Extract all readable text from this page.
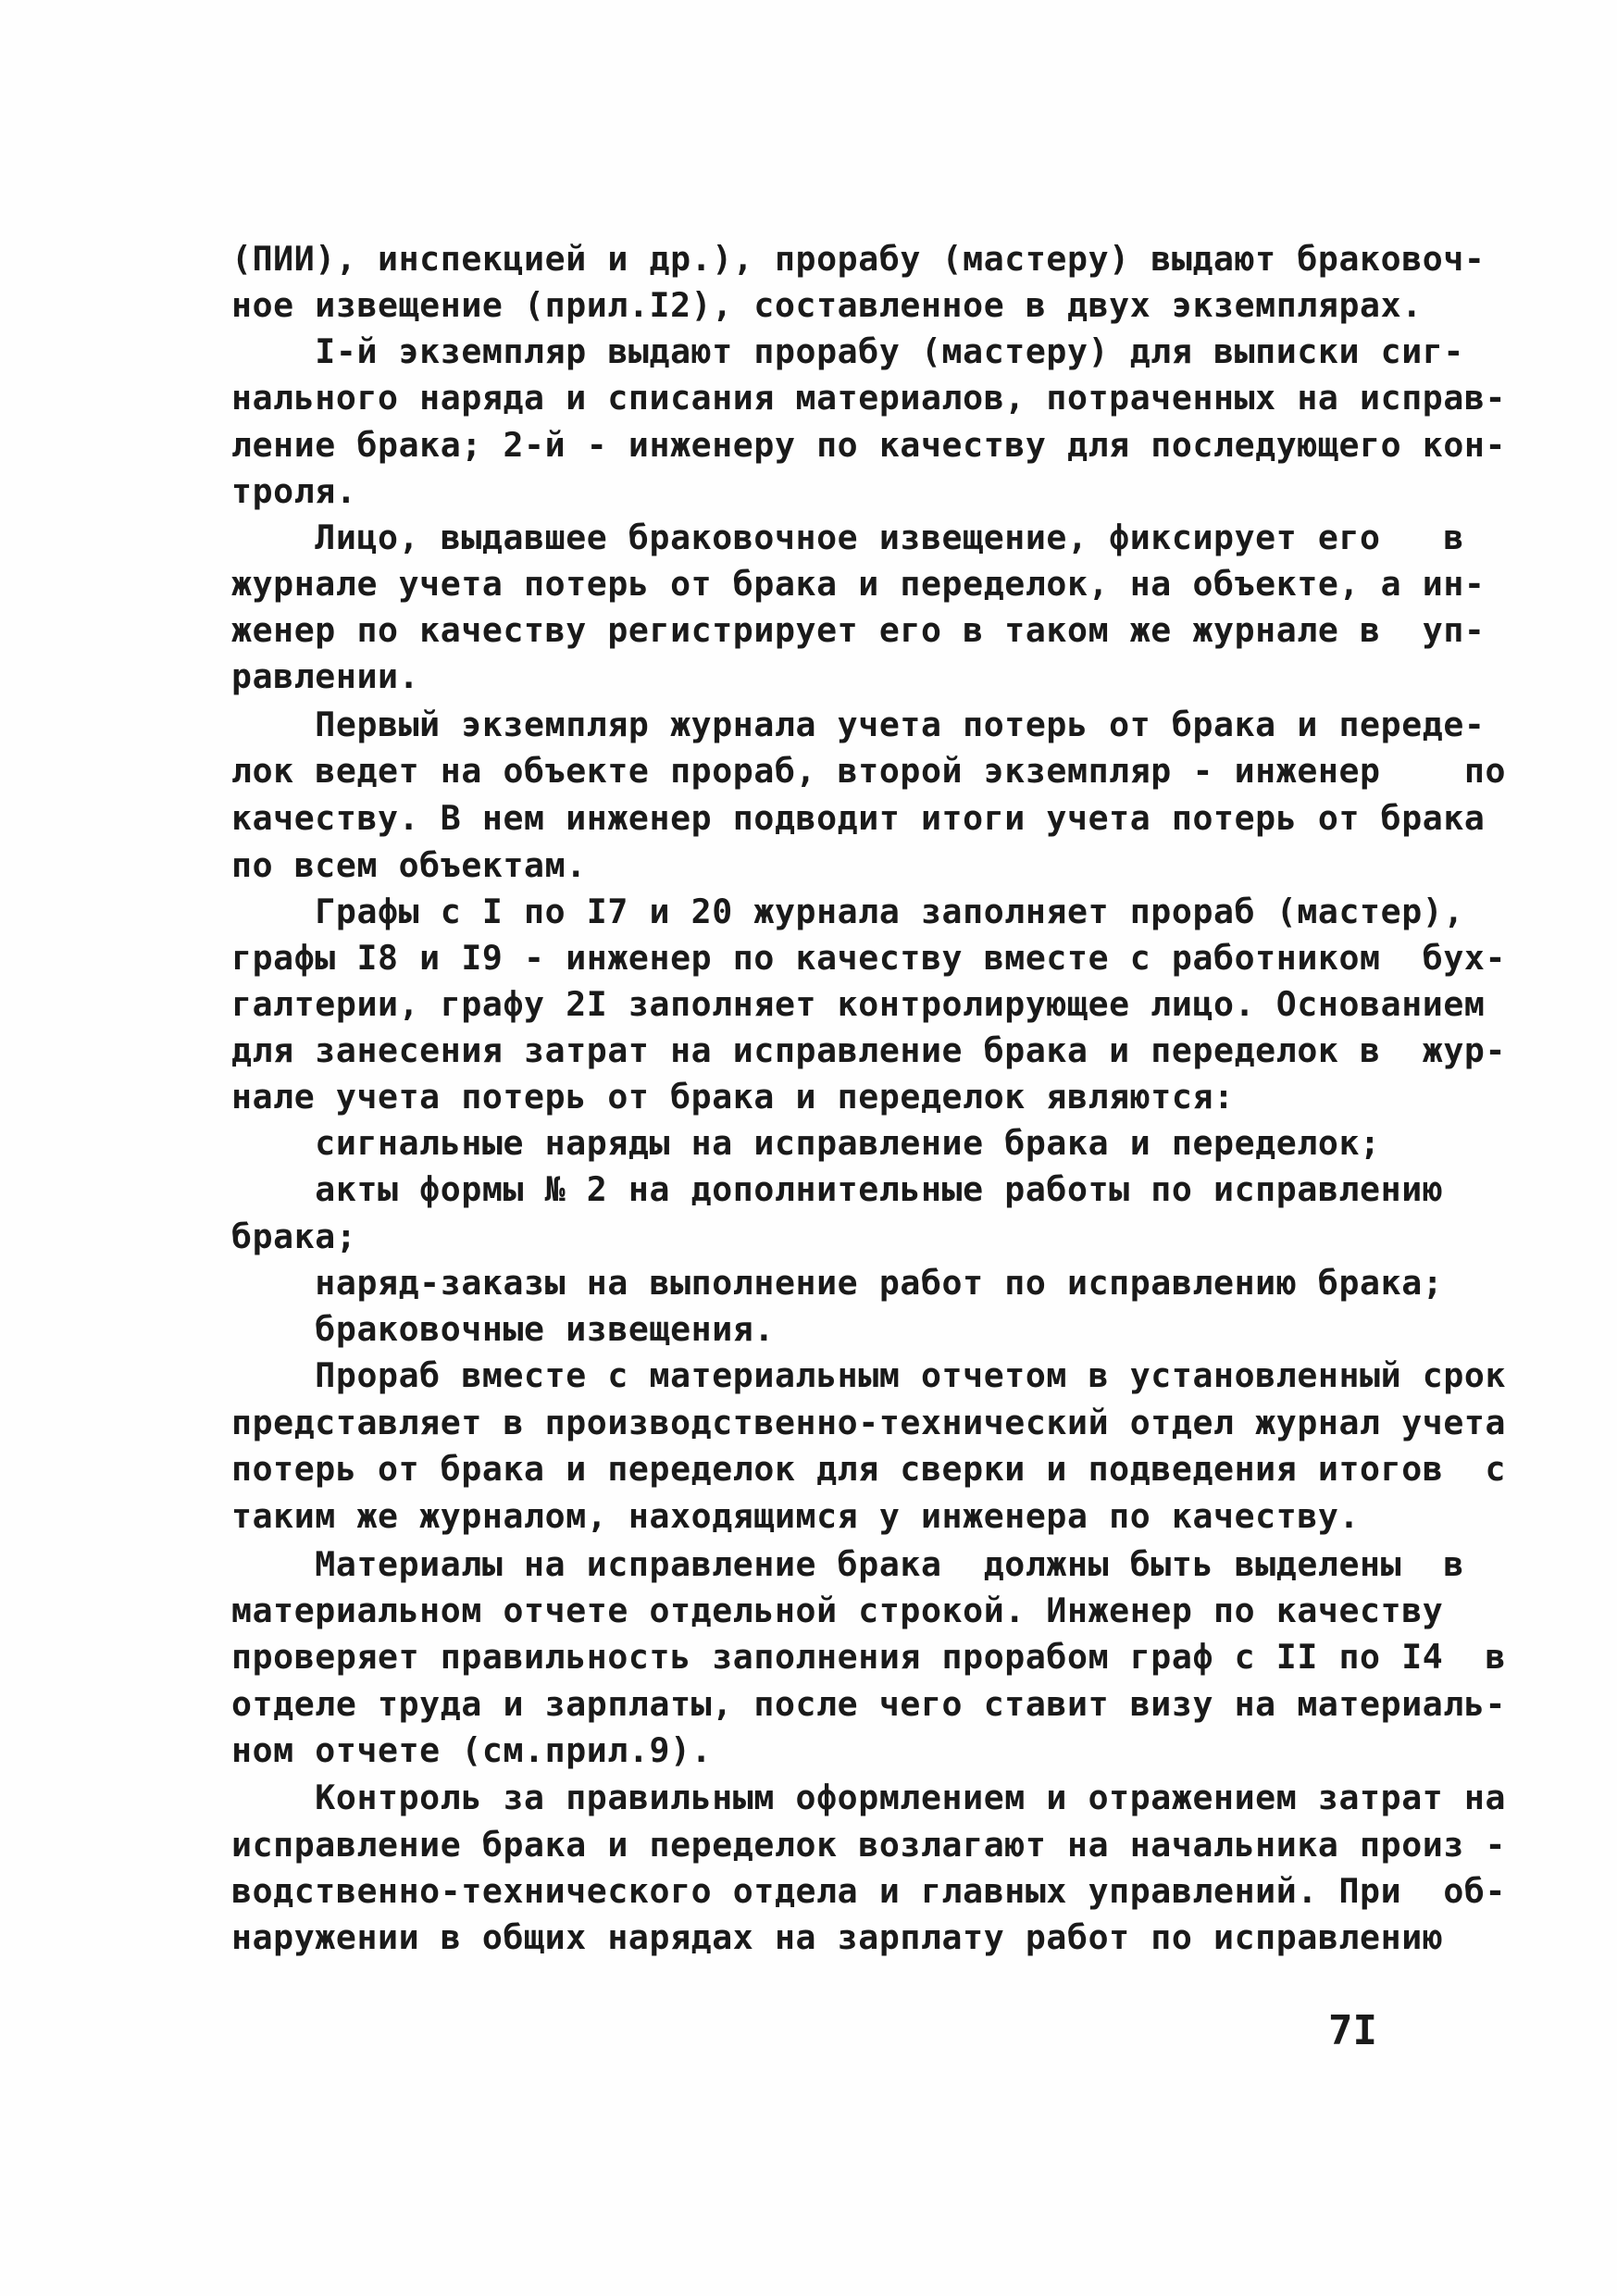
(ПИИ), инспекцией и др.), прорабу (мастеру) выдают браковоч-
ное извещение (прил.I2), составленное в двух экземплярах.
I-й экземпляр выдают прорабу (мастеру) для выписки сиг-
нального наряда и списания материалов, потраченных на исправ-
ление брака; 2-й - инженеру по качеству для последующего кон-
троля.
Лицо, выдавшее браковочное извещение, фиксирует его   в
журнале учета потерь от брака и переделок, на объекте, а ин-
женер по качеству регистрирует его в таком же журнале в  уп-
равлении.
Первый экземпляр журнала учета потерь от брака и переде-
лок ведет на объекте прораб, второй экземпляр - инженер    по
качеству. В нем инженер подводит итоги учета потерь от брака
по всем объектам.
Графы с I по I7 и 20 журнала заполняет прораб (мастер),
графы I8 и I9 - инженер по качеству вместе с работником  бух-
галтерии, графу 2I заполняет контролирующее лицо. Основанием
для занесения затрат на исправление брака и переделок в  жур-
нале учета потерь от брака и переделок являются:
сигнальные наряды на исправление брака и переделок;
акты формы № 2 на дополнительные работы по исправлению
брака;
наряд-заказы на выполнение работ по исправлению брака;
браковочные извещения.
Прораб вместе с материальным отчетом в установленный срок
представляет в производственно-технический отдел журнал учета
потерь от брака и переделок для сверки и подведения итогов  с
таким же журналом, находящимся у инженера по качеству.
Материалы на исправление брака  должны быть выделены  в
материальном отчете отдельной строкой. Инженер по качеству
проверяет правильность заполнения прорабом граф с II по I4  в
отделе труда и зарплаты, после чего ставит визу на материаль-
ном отчете (см.прил.9).
Контроль за правильным оформлением и отражением затрат на
исправление брака и переделок возлагают на начальника произ -
водственно-технического отдела и главных управлений. При  об-
наружении в общих нарядах на зарплату работ по исправлению
7I
